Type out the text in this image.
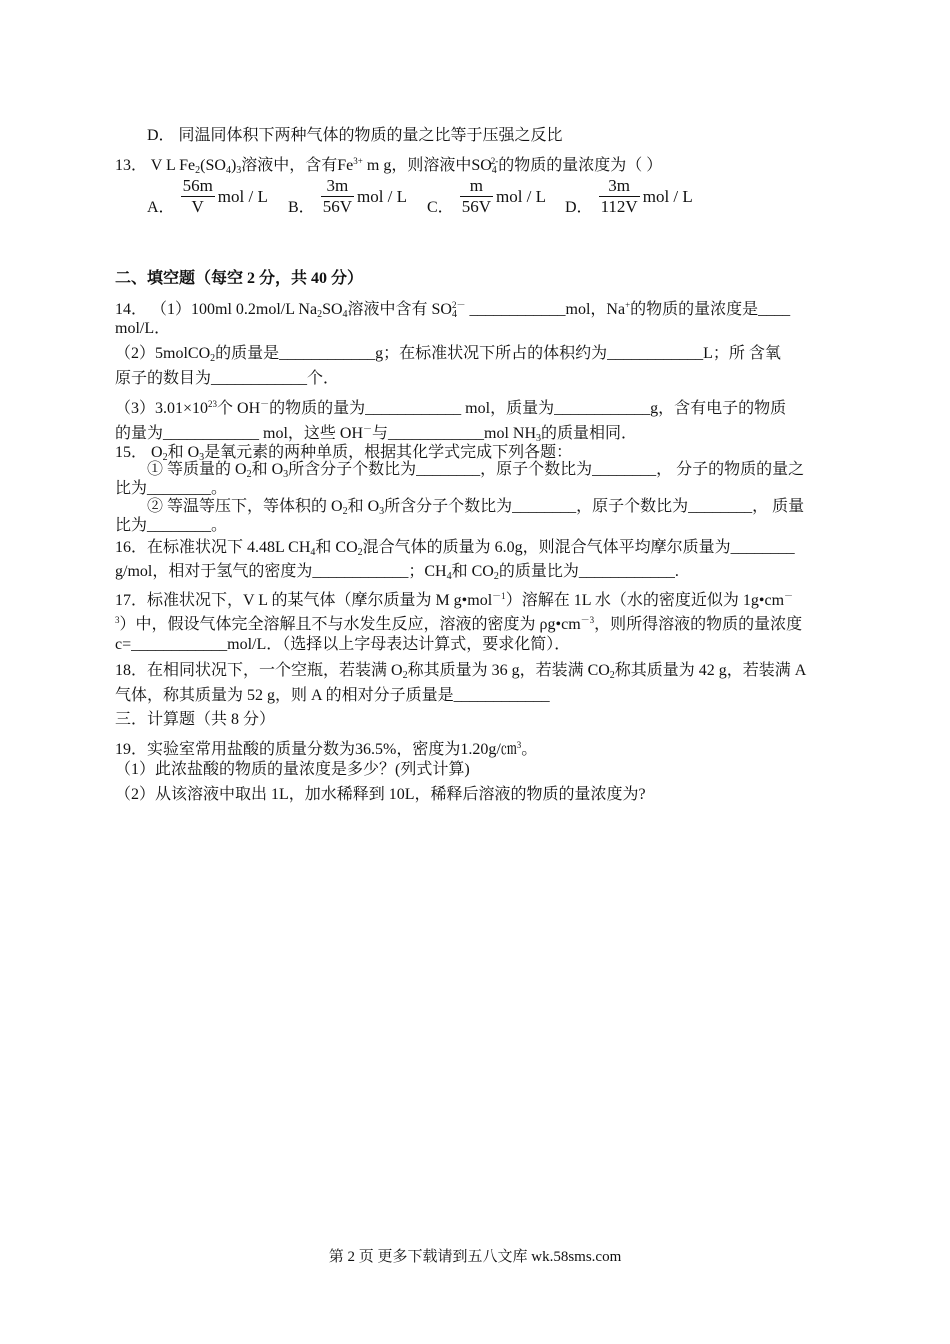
D． 同温同体积下两种气体的物质的量之比等于压强之反比
13． V L $Fe_2(SO_4)_3$溶液中，含有$Fe^{3+}$ m g，则溶液中$SO_4^{2-}$的物质的量浓度为（ ）
A． $\frac{56m}{V}$ mol / L
B． $\frac{3m}{56V}$ mol / L
C． $\frac{m}{56V}$ mol / L
D． $\frac{3m}{112V}$ mol / L
二、填空题（每空 2 分，共 40 分）
14． （1）100ml 0.2mol/L $Na_2SO_4$溶液中含有 $SO_4^{2-}$ ____________mol，Na+的物质的量浓度是____
mol/L．
（2）5molCO$_2$的质量是____________g；在标准状况下所占的体积约为____________L；所 含氧
原子的数目为____________个．
$(3)3.01\times 10^{23}$个 OH－的物质的量为____________ mol，质量为____________g，含有电子的物质
的量为____________ mol，这些 OH－与____________mol $NH_3$的质量相同．
15． $O_2$和 $O_3$是氧元素的两种单质，根据其化学式完成下列各题：
① 等质量的 $O_2$和 $O_3$所含分子个数比为________，原子个数比为________， 分子的物质的量之
比为________。
② 等温等压下，等体积的 $O_2$和 $O_3$所含分子个数比为________，原子个数比为________， 质量
比为________。
16．在标准状况下 4.48L $CH_4$和 $CO_2$混合气体的质量为 6.0g，则混合气体平均摩尔质量为________
g/mol，相对于氢气的密度为____________；$CH_4$和 $CO_2$的质量比为____________.
17．标准状况下，V L 的某气体（摩尔质量为 M g•mol$^{-1}$）溶解在 1L 水（水的密度近似为 1g•cm－
$^3$）中，假设气体完全溶解且不与水发生反应，溶液的密度为 $\rho g•cm^{-3}$，则所得溶液的物质的量浓度
c=____________mol/L．（选择以上字母表达计算式，要求化简）．
18．在相同状况下，一个空瓶，若装满 $O_2$称其质量为 36 g，若装满 $CO_2$称其质量为 42 g，若装满 A
气体，称其质量为 52 g，则 A 的相对分子质量是____________
三．计算题（共 8 分）
19．实验室常用盐酸的质量分数为36.5%，密度为1.20g/㎝$^3$。
（1）此浓盐酸的物质的量浓度是多少？(列式计算)
（2）从该溶液中取出 1L，加水稀释到 10L，稀释后溶液的物质的量浓度为?
第 2 页 更多下载请到五八文库 wk.58sms.com
